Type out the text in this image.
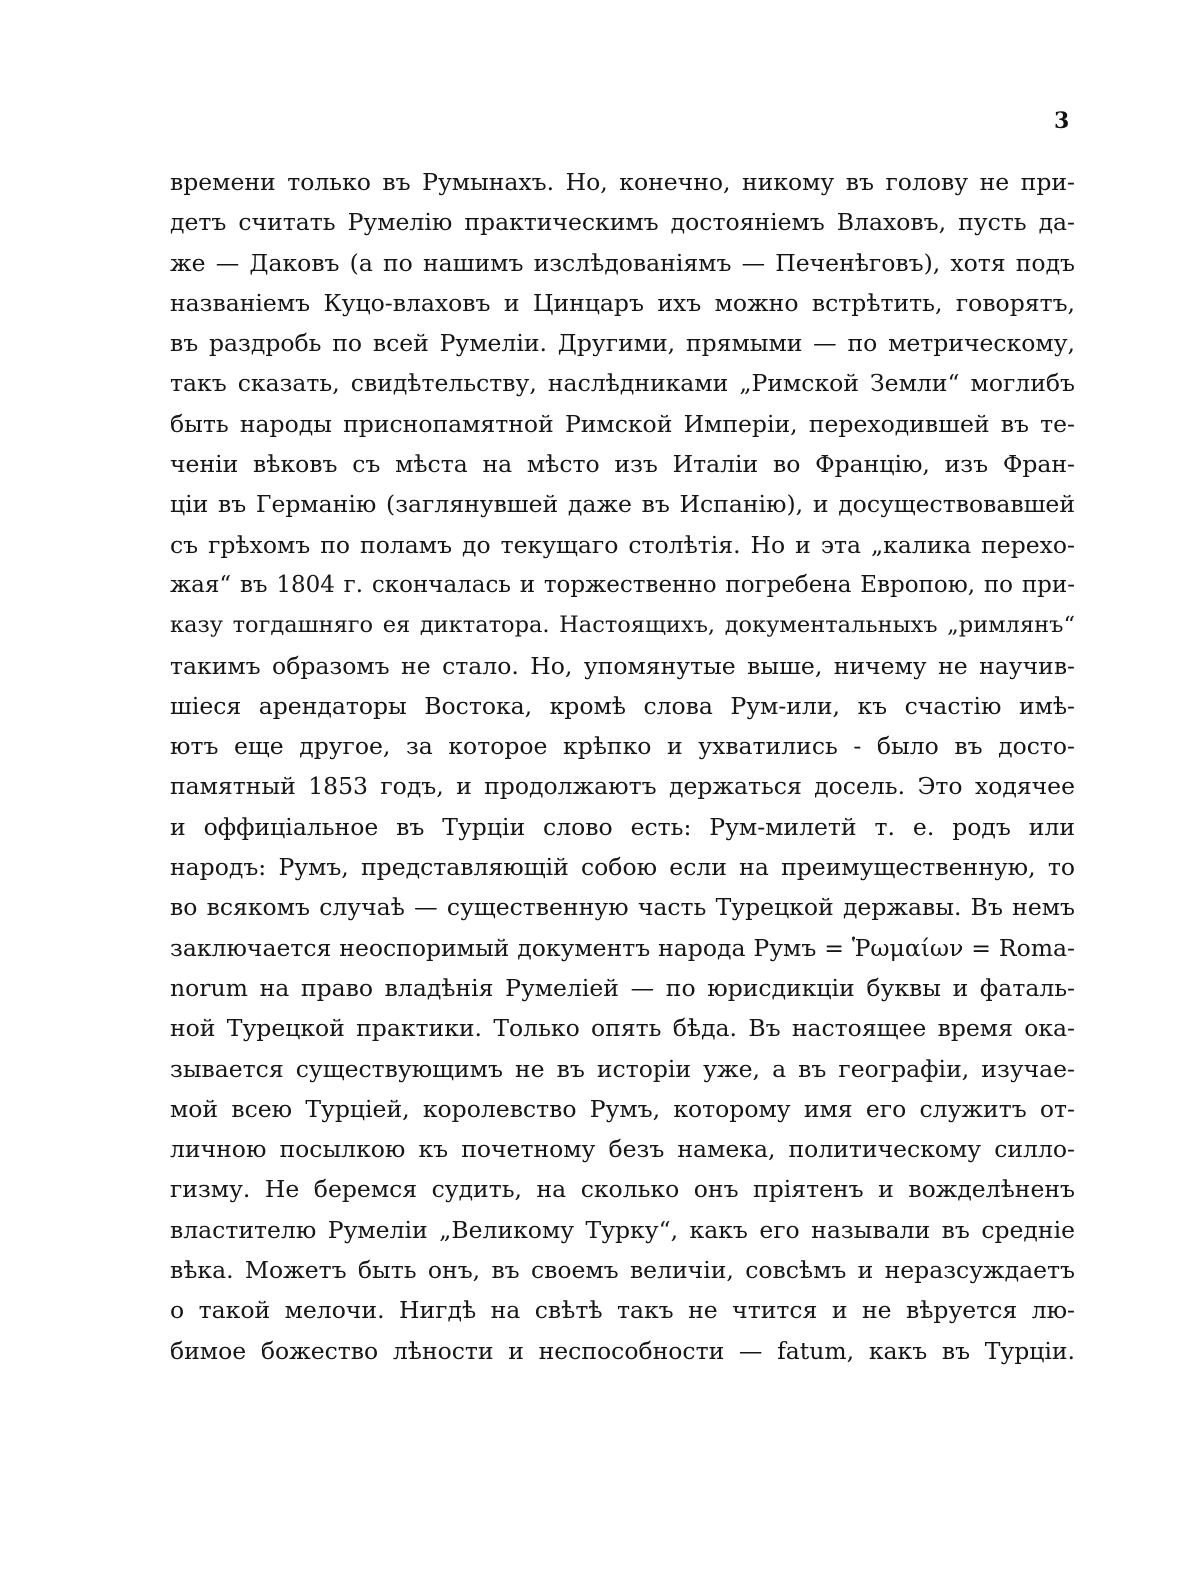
3
времени только въ Румынахъ. Но, конечно, никому въ голову не при-
детъ считать Румелію практическимъ достояніемъ Влаховъ, пусть да-
же — Даковъ (а по нашимъ изслѣдованіямъ — Печенѣговъ), хотя подъ
названіемъ Куцо-влаховъ и Цинцаръ ихъ можно встрѣтить, говорятъ,
въ раздробь по всей Румеліи. Другими, прямыми — по метрическому,
такъ сказать, свидѣтельству, наслѣдниками „Римской Земли“ моглибъ
быть народы приснопамятной Римской Имперіи, переходившей въ те-
ченіи вѣковъ съ мѣста на мѣсто изъ Италіи во Францію, изъ Фран-
ціи въ Германію (заглянувшей даже въ Испанію), и досуществовавшей
съ грѣхомъ по поламъ до текущаго столѣтія. Но и эта „калика перехо-
жая“ въ 1804 г. скончалась и торжественно погребена Европою, по при-
казу тогдашняго ея диктатора. Настоящихъ, документальныхъ „римлянъ“
такимъ образомъ не стало. Но, упомянутые выше, ничему не научив-
шіеся арендаторы Востока, кромѣ слова Рум-или, къ счастію имѣ-
ютъ еще другое, за которое крѣпко и ухватились - было въ достo-
памятный 1853 годъ, и продолжаютъ держаться досель. Это ходячее
и оффиціальное въ Турціи слово есть: Рум-милетй т. е. родъ или
народъ: Румъ, представляющій собою если на преимущественную, то
во всякомъ случаѣ — существенную часть Турецкой державы. Въ немъ
заключается неоспоримый документъ народа Румъ = Ῥωμαίων = Roma-
norum на право владѣнія Румеліей — по юрисдикціи буквы и фаталь-
ной Турецкой практики. Только опять бѣда. Въ настоящее время ока-
зывается существующимъ не въ исторіи уже, а въ географіи, изучае-
мой всею Турціей, королевство Румъ, которому имя его служитъ от-
личною посылкою къ почетному безъ намека, политическому силло-
гизму. Не беремся судить, на сколько онъ пріятенъ и вожделѣненъ
властителю Румеліи „Великому Турку“, какъ его называли въ средніе
вѣка. Можетъ быть онъ, въ своемъ величіи, совсѣмъ и неразсуждаетъ
о такой мелочи. Нигдѣ на свѣтѣ такъ не чтится и не вѣруется лю-
бимое божество лѣности и неспособности — fatum, какъ въ Турціи.
